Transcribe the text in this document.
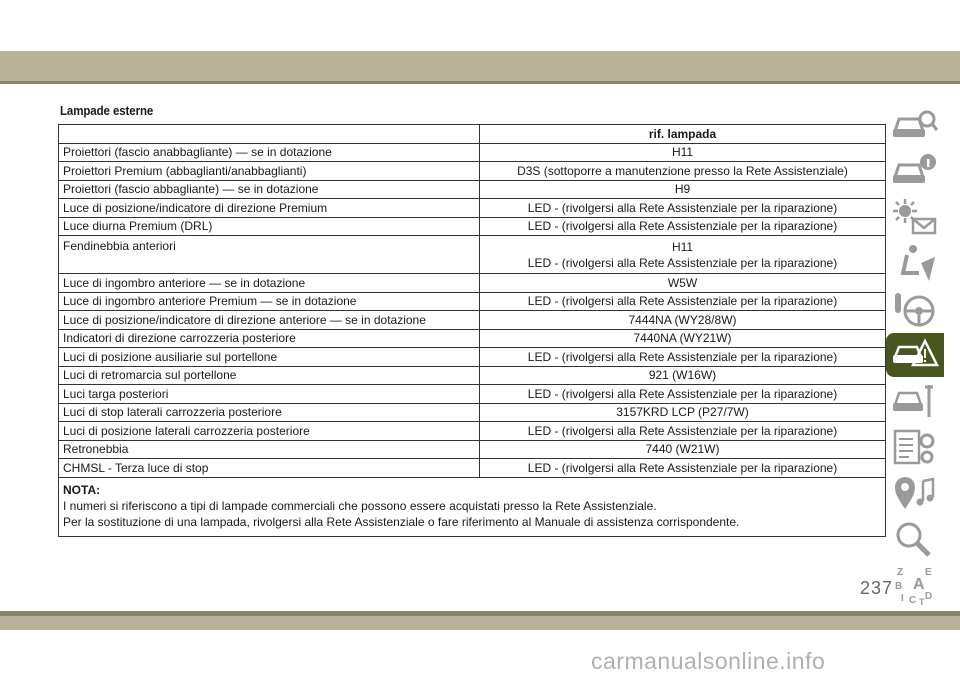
Lampade esterne
	rif. lampada
Proiettori (fascio anabbagliante) — se in dotazione	H11
Proiettori Premium (abbaglianti/anabbaglianti)	D3S (sottoporre a manutenzione presso la Rete Assistenziale)
Proiettori (fascio abbagliante) — se in dotazione	H9
Luce di posizione/indicatore di direzione Premium	LED - (rivolgersi alla Rete Assistenziale per la riparazione)
Luce diurna Premium (DRL)	LED - (rivolgersi alla Rete Assistenziale per la riparazione)
Fendinebbia anteriori	H11
LED - (rivolgersi alla Rete Assistenziale per la riparazione)

Luce di ingombro anteriore — se in dotazione	W5W
Luce di ingombro anteriore Premium — se in dotazione	LED - (rivolgersi alla Rete Assistenziale per la riparazione)
Luce di posizione/indicatore di direzione anteriore — se in dotazione	7444NA (WY28/8W)
Indicatori di direzione carrozzeria posteriore	7440NA (WY21W)
Luci di posizione ausiliarie sul portellone	LED - (rivolgersi alla Rete Assistenziale per la riparazione)
Luci di retromarcia sul portellone	921 (W16W)
Luci targa posteriori	LED - (rivolgersi alla Rete Assistenziale per la riparazione)
Luci di stop laterali carrozzeria posteriore	3157KRD LCP (P27/7W)
Luci di posizione laterali carrozzeria posteriore	LED - (rivolgersi alla Rete Assistenziale per la riparazione)
Retronebbia	7440 (W21W)
CHMSL - Terza luce di stop	LED - (rivolgersi alla Rete Assistenziale per la riparazione)

NOTA:
I numeri si riferiscono a tipi di lampade commerciali che possono essere acquistati presso la Rete Assistenziale.
Per la sostituzione di una lampada, rivolgersi alla Rete Assistenziale o fare riferimento al Manuale di assistenza corrispondente.	
Z E
B A
I C D
T
237
carmanualsonline.info
